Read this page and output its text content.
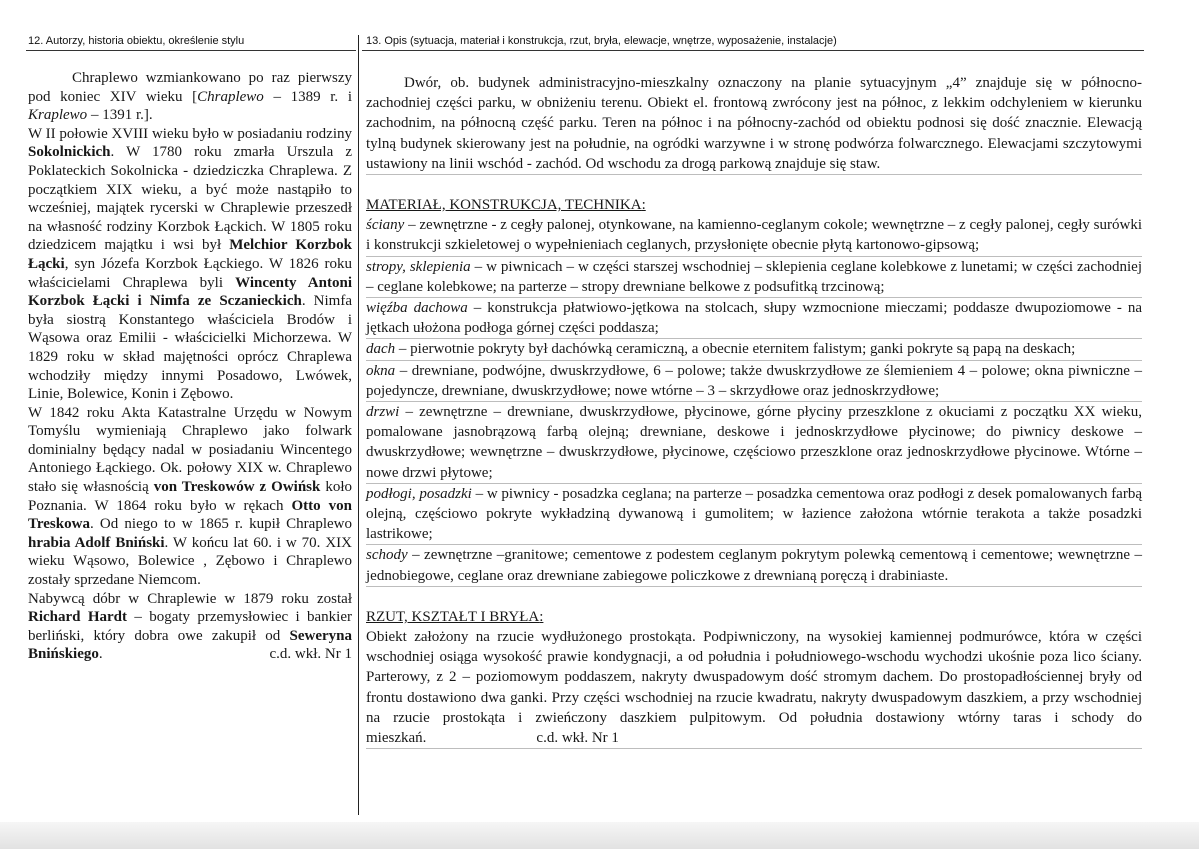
12. Autorzy, historia obiektu, określenie stylu	13. Opis (sytuacja, materiał i konstrukcja, rzut, bryła, elewacje, wnętrze, wyposażenie, instalacje)

Chraplewo wzmiankowano po raz pierwszy pod koniec XIV wieku [Chraplewo – 1389 r. i Kraplewo – 1391 r.].

W II połowie XVIII wieku było w posiadaniu rodziny Sokolnickich. W 1780 roku zmarła Urszula z Poklateckich Sokolnicka - dziedziczka Chraplewa. Z początkiem XIX wieku, a być może nastąpiło to wcześniej, majątek rycerski w Chraplewie przeszedł na własność rodziny Korzbok Łąckich. W 1805 roku dziedzicem majątku i wsi był Melchior Korzbok Łącki, syn Józefa Korzbok Łąckiego. W 1826 roku właścicielami Chraplewa byli Wincenty Antoni Korzbok Łącki i Nimfa ze Sczanieckich. Nimfa była siostrą Konstantego właściciela Brodów i Wąsowa oraz Emilii - właścicielki Michorzewa. W 1829 roku w skład majętności oprócz Chraplewa wchodziły między innymi Posadowo, Lwówek, Linie, Bolewice, Konin i Zębowo.

W 1842 roku Akta Katastralne Urzędu w Nowym Tomyślu wymieniają Chraplewo jako folwark dominialny będący nadal w posiadaniu Wincentego Antoniego Łąckiego. Ok. połowy XIX w. Chraplewo stało się własnością von Treskowów z Owińsk koło Poznania. W 1864 roku było w rękach Otto von Treskowa. Od niego to w 1865 r. kupił Chraplewo hrabia Adolf Bniński. W końcu lat 60. i w 70. XIX wieku Wąsowo, Bolewice , Zębowo i Chraplewo zostały sprzedane Niemcom.

Nabywcą dóbr w Chraplewie w 1879 roku został Richard Hardt – bogaty przemysłowiec i bankier berliński, który dobra owe zakupił od Seweryna Bnińskiego.	c.d. wkł. Nr 1

Dwór, ob. budynek administracyjno-mieszkalny oznaczony na planie sytuacyjnym „4” znajduje się w północno-zachodniej części parku, w obniżeniu terenu. Obiekt el. frontową zwrócony jest na północ, z lekkim odchyleniem w kierunku zachodnim, na północną część parku. Teren na północ i na północny-zachód od obiektu podnosi się dość znacznie. Elewacją tylną budynek skierowany jest na południe, na ogródki warzywne i w stronę podwórza folwarcznego. Elewacjami szczytowymi ustawiony na linii wschód - zachód. Od wschodu za drogą parkową znajduje się staw.

MATERIAŁ, KONSTRUKCJA, TECHNIKA:

ściany – zewnętrzne - z cegły palonej, otynkowane, na kamienno-ceglanym cokole; wewnętrzne – z cegły palonej, cegły surówki i konstrukcji szkieletowej o wypełnieniach ceglanych, przysłonięte obecnie płytą kartonowo-gipsową;

stropy, sklepienia – w piwnicach – w części starszej wschodniej – sklepienia ceglane kolebkowe z lunetami; w części zachodniej – ceglane kolebkowe; na parterze – stropy drewniane belkowe z podsufitką trzcinową;

więźba dachowa – konstrukcja płatwiowo-jętkowa na stolcach, słupy wzmocnione mieczami; poddasze dwupoziomowe - na jętkach ułożona podłoga górnej części poddasza;

dach – pierwotnie pokryty był dachówką ceramiczną, a obecnie eternitem falistym; ganki pokryte są papą na deskach;

okna – drewniane, podwójne, dwuskrzydłowe, 6 – polowe; także dwuskrzydłowe ze ślemieniem 4 – polowe; okna piwniczne – pojedyncze, drewniane, dwuskrzydłowe; nowe wtórne – 3 – skrzydłowe oraz jednoskrzydłowe;

drzwi – zewnętrzne – drewniane, dwuskrzydłowe, płycinowe, górne płyciny przeszklone z okuciami z początku XX wieku, pomalowane jasnobrązową farbą olejną; drewniane, deskowe i jednoskrzydłowe płycinowe; do piwnicy deskowe – dwuskrzydłowe; wewnętrzne – dwuskrzydłowe, płycinowe, częściowo przeszklone oraz jednoskrzydłowe płycinowe. Wtórne – nowe drzwi płytowe;

podłogi, posadzki – w piwnicy - posadzka ceglana; na parterze – posadzka cementowa oraz podłogi z desek pomalowanych farbą olejną, częściowo pokryte wykładziną dywanową i gumolitem; w łazience założona wtórnie terakota a także posadzki lastrikowe;

schody – zewnętrzne –granitowe; cementowe z podestem ceglanym pokrytym polewką cementową i cementowe; wewnętrzne – jednobiegowe, ceglane oraz drewniane zabiegowe policzkowe z drewnianą poręczą i drabiniaste.

RZUT, KSZTAŁT I BRYŁA:

Obiekt założony na rzucie wydłużonego prostokąta. Podpiwniczony, na wysokiej kamiennej podmurówce, która w części wschodniej osiąga wysokość prawie kondygnacji, a od południa i południowego-wschodu wychodzi ukośnie poza lico ściany. Parterowy, z 2 – poziomowym poddaszem, nakryty dwuspadowym dość stromym dachem. Do prostopadłościennej bryły od frontu dostawiono dwa ganki. Przy części wschodniej na rzucie kwadratu, nakryty dwuspadowym daszkiem, a przy wschodniej na rzucie prostokąta i zwieńczony daszkiem pulpitowym. Od południa dostawiony wtórny taras i schody do mieszkań.	c.d. wkł. Nr 1
